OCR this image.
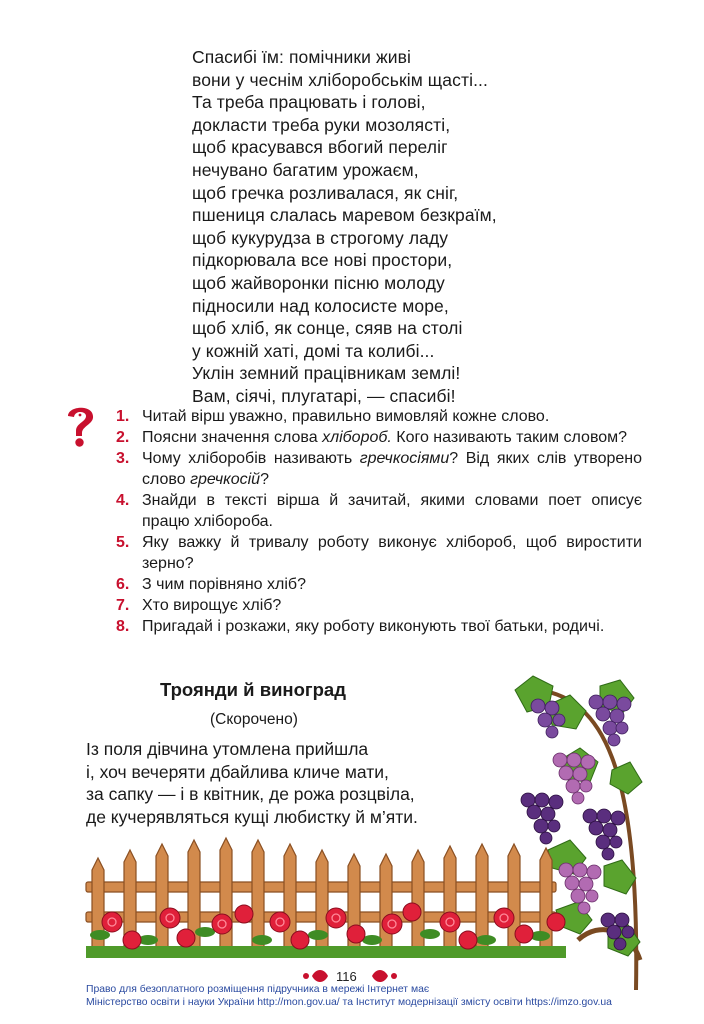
Спасибі їм: помічники живі
вони у чеснім хліборобськім щасті...
Та треба працювать і голові,
докласти треба руки мозолясті,
щоб красувався вбогий переліг
нечувано багатим урожаєм,
щоб гречка розливалася, як сніг,
пшениця слалась маревом безкраїм,
щоб кукурудза в строгому ладу
підкорювала все нові простори,
щоб жайворонки пісню молоду
підносили над колосисте море,
щоб хліб, як сонце, сяяв на столі
у кожній хаті, домі та колибі...
Уклін земний працівникам землі!
Вам, сіячі, плугатарі, — спасибі!
1. Читай вірш уважно, правильно вимовляй кожне слово.
2. Поясни значення слова хлібороб. Кого називають таким словом?
3. Чому хліборобів називають гречкосіями? Від яких слів утворено слово гречкосій?
4. Знайди в тексті вірша й зачитай, якими словами поет описує працю хлібороба.
5. Яку важку й тривалу роботу виконує хлібороб, щоб виростити зерно?
6. З чим порівняно хліб?
7. Хто вирощує хліб?
8. Пригадай і розкажи, яку роботу виконують твої батьки, родичі.
Троянди й виноград
(Скорочено)
Із поля дівчина утомлена прийшла
і, хоч вечеряти дбайлива кличе мати,
за сапку — і в квітник, де рожа розцвіла,
де кучерявляться кущі любистку й м’яти.
116
Право для безоплатного розміщення підручника в мережі Інтернет має
Міністерство освіти і науки України http://mon.gov.ua/ та Інститут модернізації змісту освіти https://imzo.gov.ua
